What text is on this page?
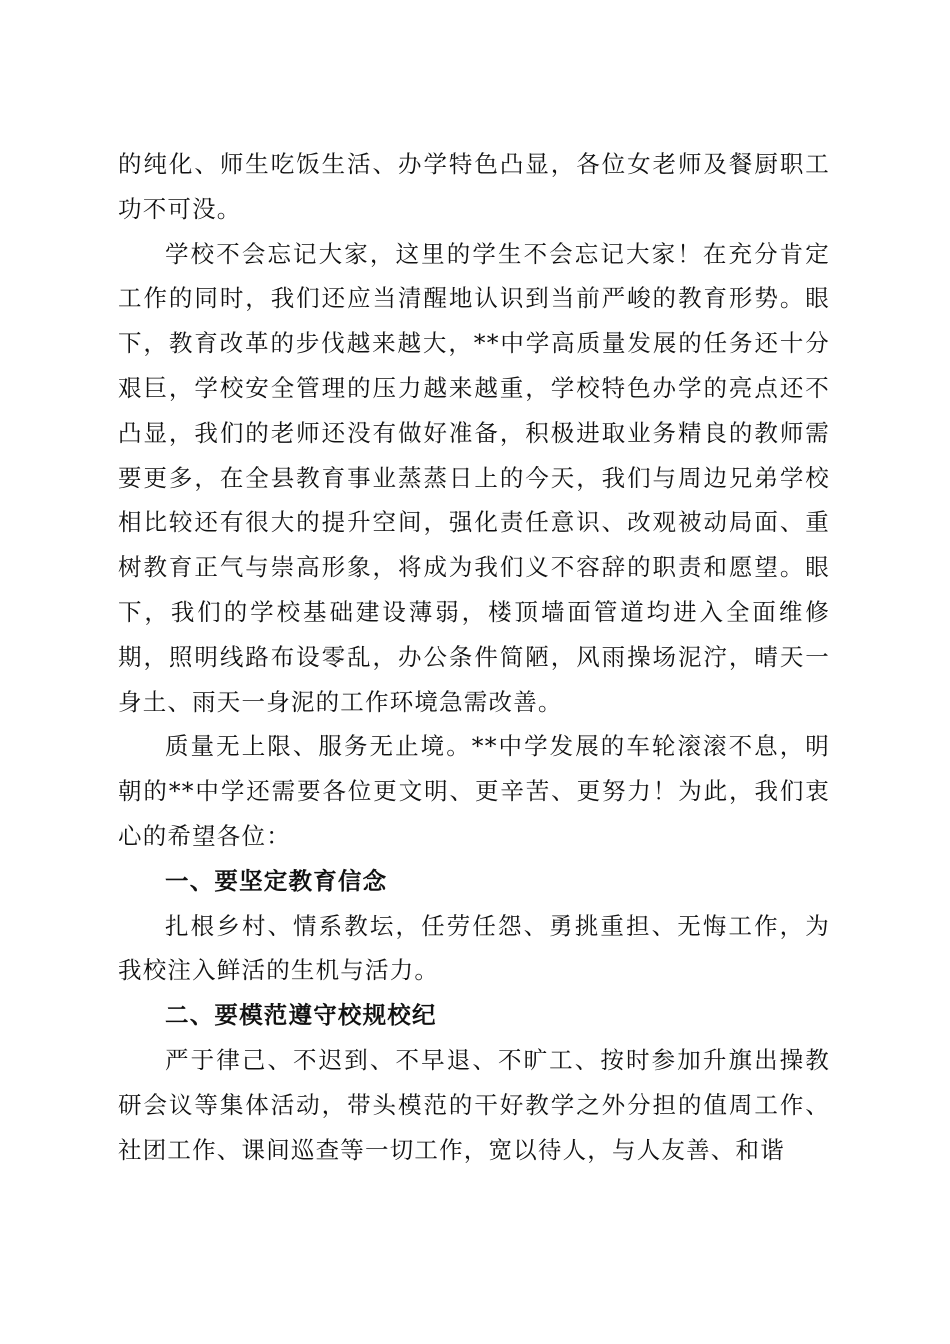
的纯化、师生吃饭生活、办学特色凸显，各位女老师及餐厨职工功不可没。

学校不会忘记大家，这里的学生不会忘记大家！在充分肯定工作的同时，我们还应当清醒地认识到当前严峻的教育形势。眼下，教育改革的步伐越来越大，**中学高质量发展的任务还十分艰巨，学校安全管理的压力越来越重，学校特色办学的亮点还不凸显，我们的老师还没有做好准备，积极进取业务精良的教师需要更多，在全县教育事业蒸蒸日上的今天，我们与周边兄弟学校相比较还有很大的提升空间，强化责任意识、改观被动局面、重树教育正气与崇高形象，将成为我们义不容辞的职责和愿望。眼下，我们的学校基础建设薄弱，楼顶墙面管道均进入全面维修期，照明线路布设零乱，办公条件简陋，风雨操场泥泞，晴天一身土、雨天一身泥的工作环境急需改善。

质量无上限、服务无止境。**中学发展的车轮滚滚不息，明朝的**中学还需要各位更文明、更辛苦、更努力！为此，我们衷心的希望各位：

一、要坚定教育信念

扎根乡村、情系教坛，任劳任怨、勇挑重担、无悔工作，为我校注入鲜活的生机与活力。

二、要模范遵守校规校纪

严于律己、不迟到、不早退、不旷工、按时参加升旗出操教研会议等集体活动，带头模范的干好教学之外分担的值周工作、社团工作、课间巡查等一切工作，宽以待人，与人友善、和谐
